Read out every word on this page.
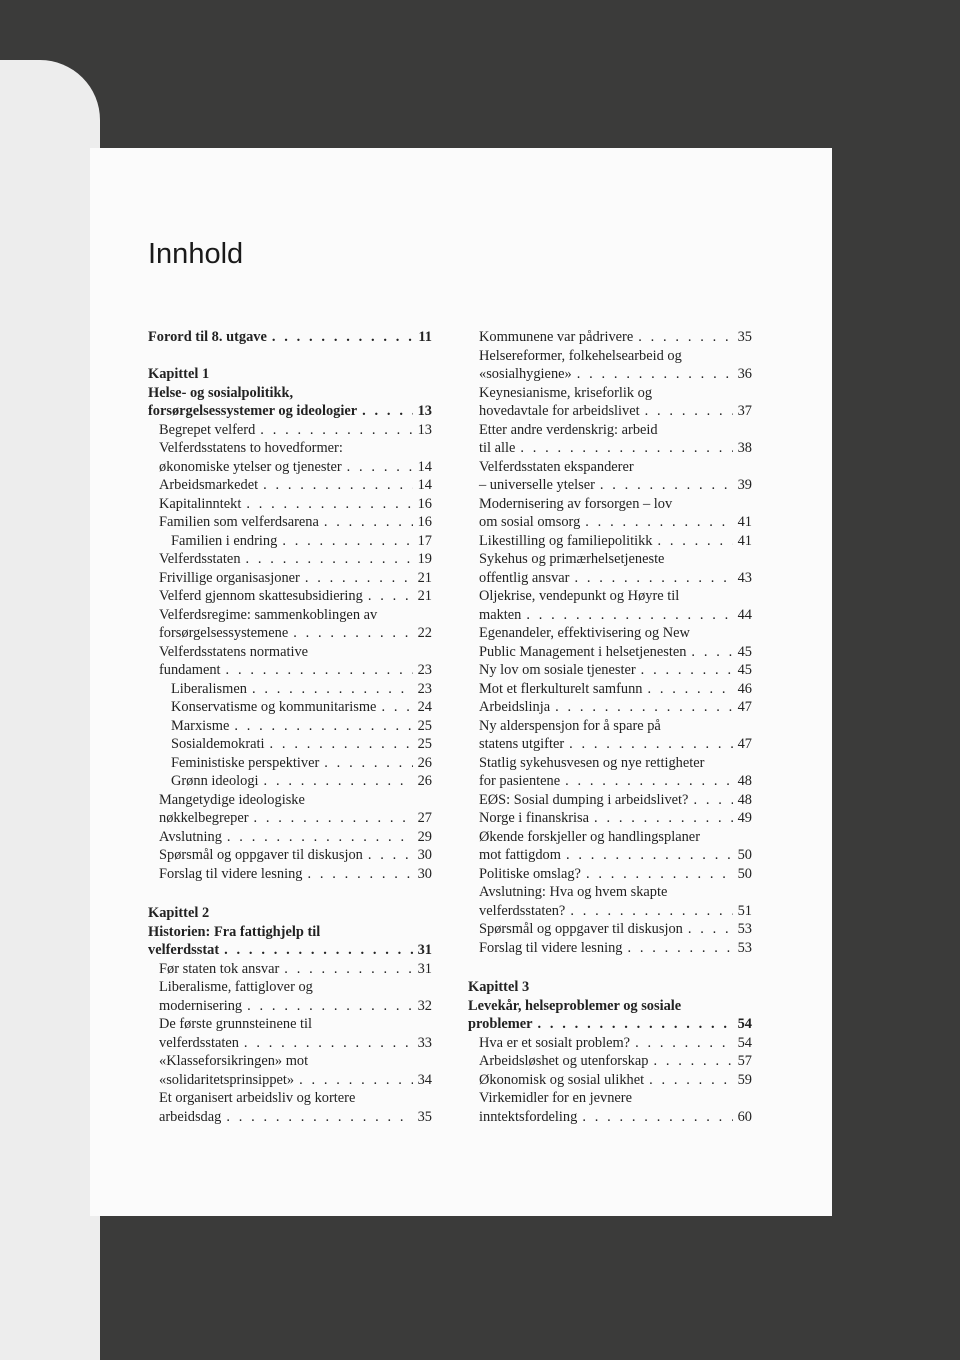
Innhold
Forord til 8. utgave . . .	11
Kapittel 1
Helse- og sosialpolitikk,
forsørgelsessystemer og ideologier . . .	13
Begrepet velferd . . .	13
Velferdsstatens to hovedformer:
økonomiske ytelser og tjenester . . .	14
Arbeidsmarkedet . . .	14
Kapitalinntekt . . .	16
Familien som velferdsarena . . .	16
Familien i endring . . .	17
Velferdsstaten . . .	19
Frivillige organisasjoner . . .	21
Velferd gjennom skattesubsidiering . . .	21
Velferdsregime: sammenkoblingen av
forsørgelsessystemene . . .	22
Velferdsstatens normative
fundament . . .	23
Liberalismen . . .	23
Konservatisme og kommunitarisme . . .	24
Marxisme . . .	25
Sosialdemokrati . . .	25
Feministiske perspektiver . . .	26
Grønn ideologi . . .	26
Mangetydige ideologiske
nøkkelbegreper . . .	27
Avslutning . . .	29
Spørsmål og oppgaver til diskusjon . . .	30
Forslag til videre lesning . . .	30
Kapittel 2
Historien: Fra fattighjelp til
velferdsstat . . .	31
Før staten tok ansvar . . .	31
Liberalisme, fattiglover og
modernisering . . .	32
De første grunnsteinene til
velferdsstaten . . .	33
«Klasseforsikringen» mot
«solidaritetsprinsippet» . . .	34
Et organisert arbeidsliv og kortere
arbeidsdag . . .	35
Kommunene var pådrivere . . .	35
Helsereformer, folkehelsearbeid og
«sosialhygiene» . . .	36
Keynesianisme, kriseforlik og
hovedavtale for arbeidslivet . . .	37
Etter andre verdenskrig: arbeid
til alle . . .	38
Velferdsstaten ekspanderer
– universelle ytelser . . .	39
Modernisering av forsorgen – lov
om sosial omsorg . . .	41
Likestilling og familiepolitikk . . .	41
Sykehus og primærhelsetjeneste
offentlig ansvar . . .	43
Oljekrise, vendepunkt og Høyre til
makten . . .	44
Egenandeler, effektivisering og New
Public Management i helsetjenesten . . .	45
Ny lov om sosiale tjenester . . .	45
Mot et flerkulturelt samfunn . . .	46
Arbeidslinja . . .	47
Ny alderspensjon for å spare på
statens utgifter . . .	47
Statlig sykehusvesen og nye rettigheter
for pasientene . . .	48
EØS: Sosial dumping i arbeidslivet? . . .	48
Norge i finanskrisa . . .	49
Økende forskjeller og handlingsplaner
mot fattigdom . . .	50
Politiske omslag? . . .	50
Avslutning: Hva og hvem skapte
velferdsstaten? . . .	51
Spørsmål og oppgaver til diskusjon . . .	53
Forslag til videre lesning . . .	53
Kapittel 3
Levekår, helseproblemer og sosiale
problemer . . .	54
Hva er et sosialt problem? . . .	54
Arbeidsløshet og utenforskap . . .	57
Økonomisk og sosial ulikhet . . .	59
Virkemidler for en jevnere
inntektsfordeling . . .	60
